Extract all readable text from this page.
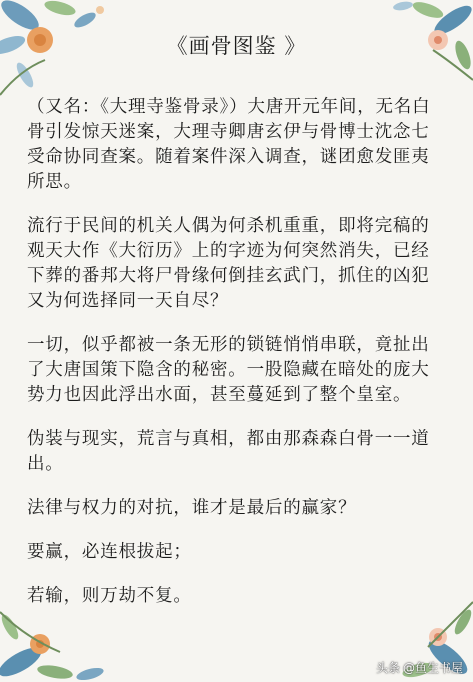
《画骨图鉴 》

（又名：《大理寺鉴骨录》）大唐开元年间，无名白骨引发惊天迷案，大理寺卿唐玄伊与骨博士沈念七受命协同查案。随着案件深入调查，谜团愈发匪夷所思。

流行于民间的机关人偶为何杀机重重，即将完稿的观天大作《大衍历》上的字迹为何突然消失，已经下葬的番邦大将尸骨缘何倒挂玄武门，抓住的凶犯又为何选择同一天自尽？

一切，似乎都被一条无形的锁链悄悄串联，竟扯出了大唐国策下隐含的秘密。一股隐藏在暗处的庞大势力也因此浮出水面，甚至蔓延到了整个皇室。

伪装与现实，荒言与真相，都由那森森白骨一一道出。

法律与权力的对抗，谁才是最后的赢家？

要赢，必连根拔起；

若输，则万劫不复。

头条 @鱼生书屋
